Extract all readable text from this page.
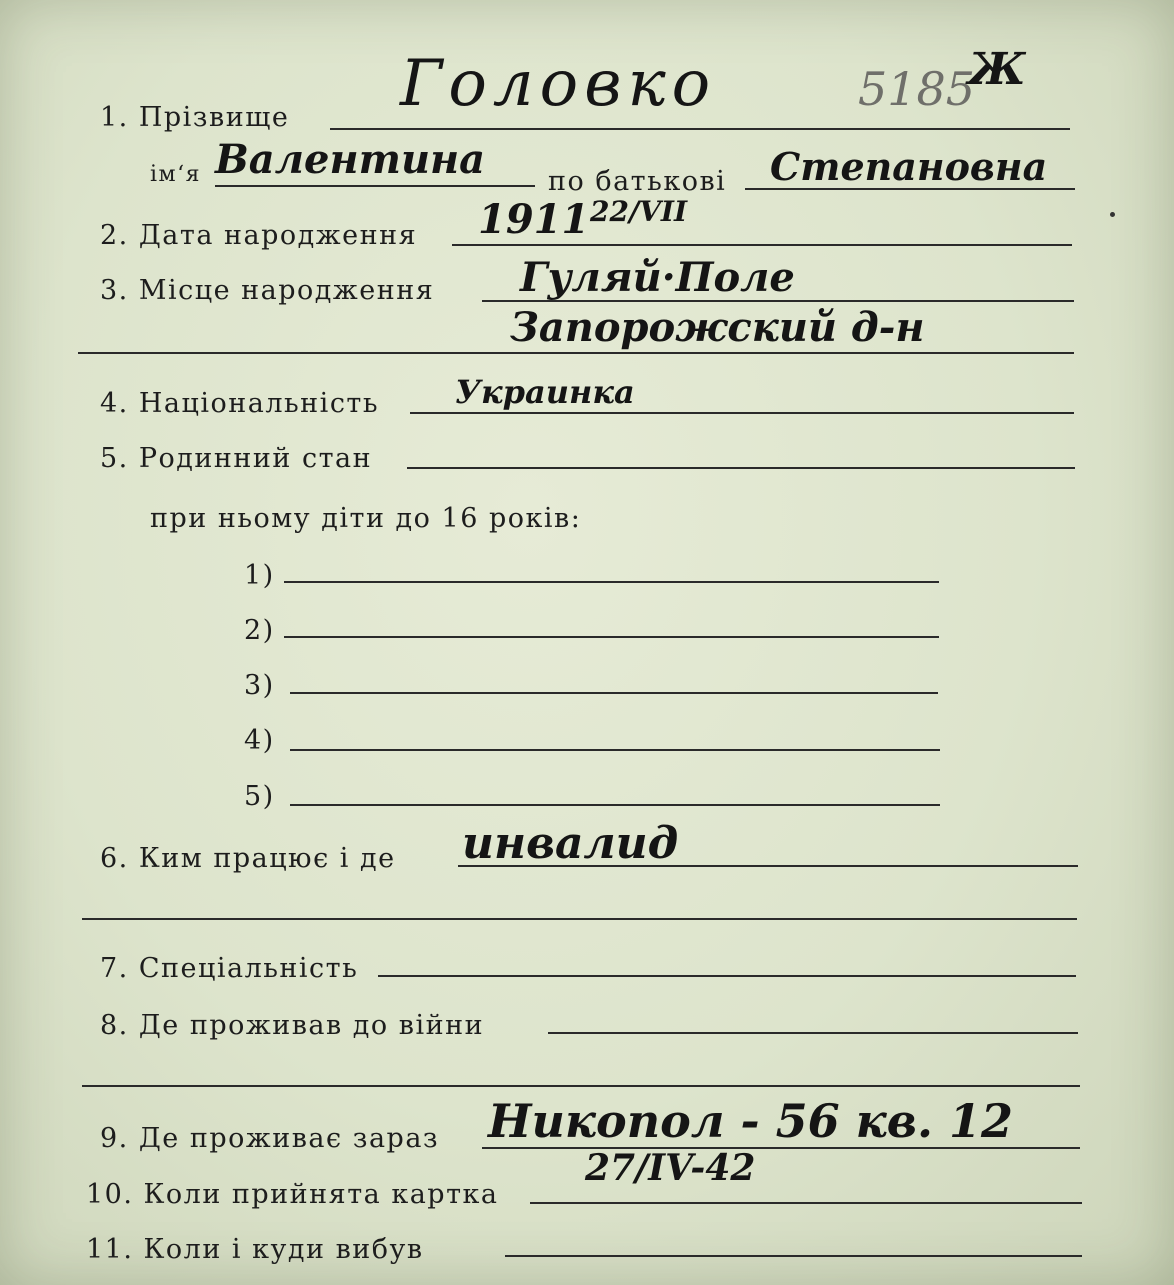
Головко	5185
Ж
1. Прізвище
ім‘я Валентина по батькові Степановна
2. Дата народження 1911 22/VII
3. Місце народження Гуляй·Поле
Запорожский д-н
4. Національність Украинка
5. Родинний стан
при ньому діти до 16 років:
1)
2)
3)
4)
5)
6. Ким працює і де инвалид
7. Спеціальність
8. Де проживав до війни
Никопол - 56 кв. 12
9. Де проживає зараз
27/IV-42
10. Коли прийнята картка
11. Коли і куди вибув
